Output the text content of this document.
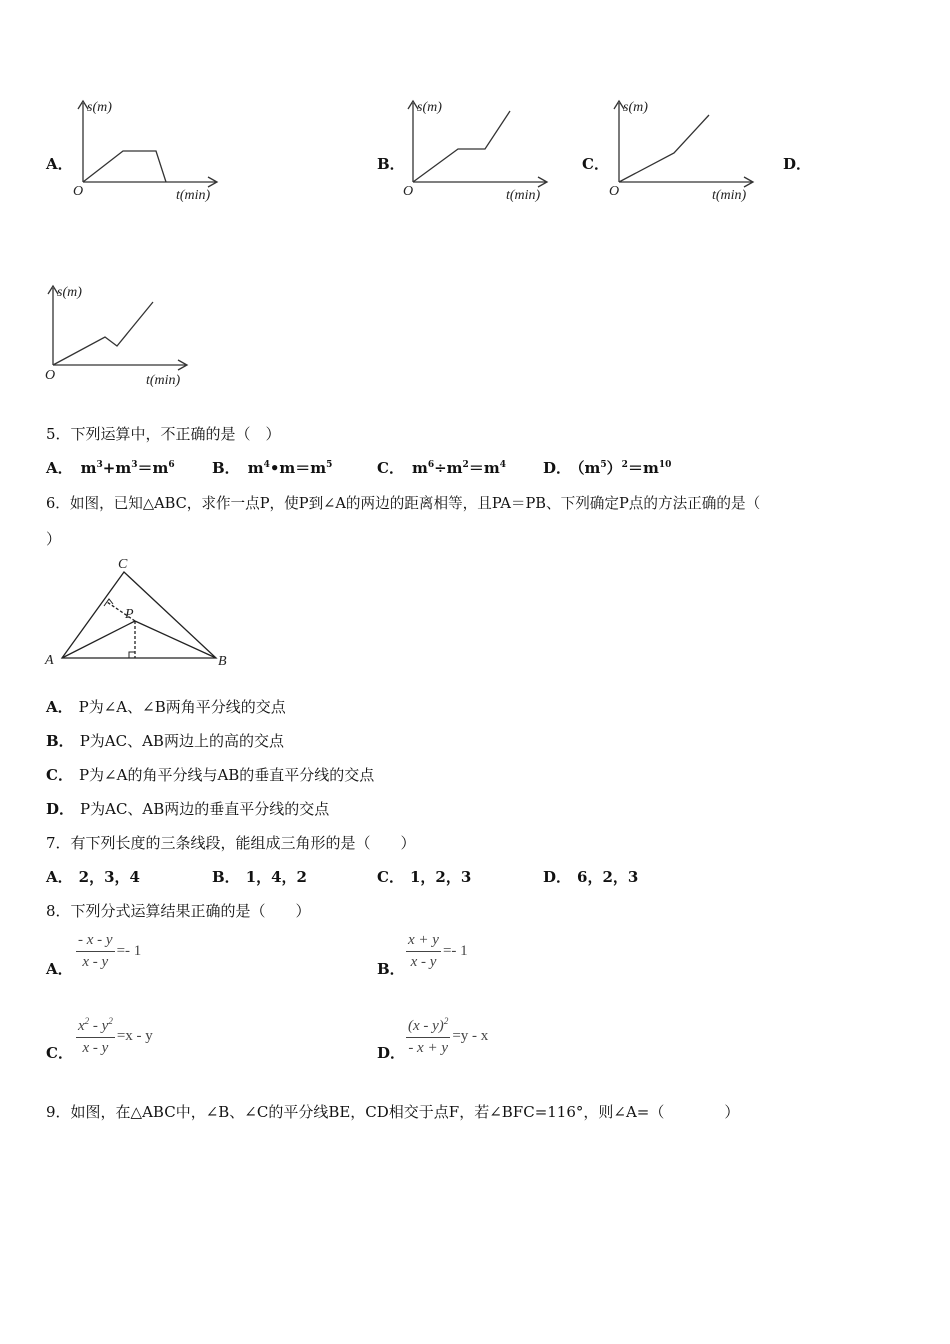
A．
s(m)
O	t(min)
B．
s(m)
O	t(min)
C．
s(m)
O	t(min)
D．
s(m)
O	t(min)
5．下列运算中，不正确的是（　）
A． $m^3+m^3=m^6$ B． $m^4•m=m^5$	C． $m^6\div m^2=m^4$ D． $(m^5)^2=m^{10}$
6．如图，已知△ABC，求作一点P，使P到∠A的两边的距离相等，且PA＝PB、下列确定P点的方法正确的是（
）
A	B
C
P
A． P为∠A、∠B两角平分线的交点
B． P为AC、AB两边上的高的交点
C． P为∠A的角平分线与AB的垂直平分线的交点
D． P为AC、AB两边的垂直平分线的交点
7．有下列长度的三条线段，能组成三角形的是（　　）
A． 2，3，4	B． 1，4，2	C． 1，2，3	D． 6，2，3
8．下列分式运算结果正确的是（　　）
A． $\frac{- x - y}{x - y} =- 1$
B． $\frac{x + y}{x - y} =- 1$
C． $\frac{x^2 - y^2}{x - y} =x - y$
D． $\frac{(x - y)^2}{- x + y} =y - x$
9．如图，在△ABC中，∠B、∠C的平分线BE，CD相交于点F，若∠BFC=116°，则∠A=（　　　　）
